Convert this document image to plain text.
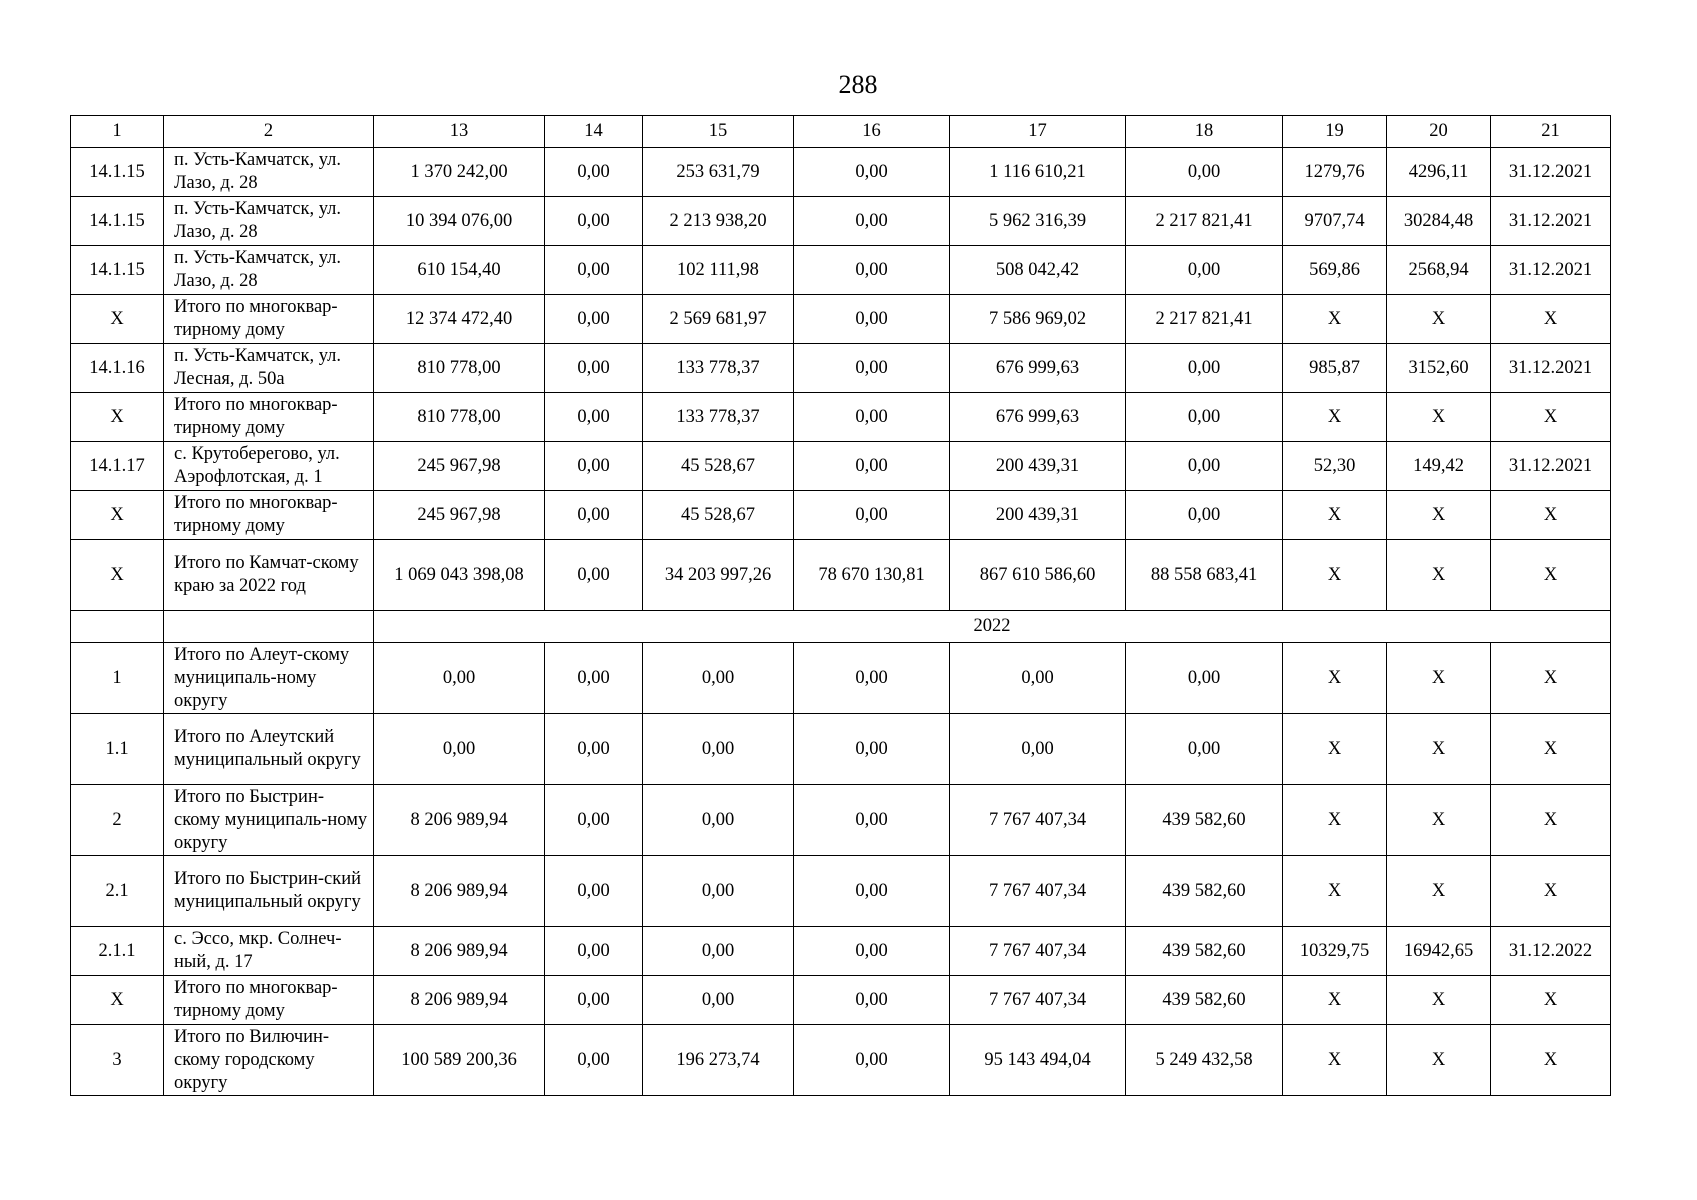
288
1	2	13	14	15	16	17	18	19	20	21
14.1.15	п. Усть-Камчатск, ул. Лазо, д. 28	1 370 242,00	0,00	253 631,79	0,00	1 116 610,21	0,00	1279,76	4296,11	31.12.2021
14.1.15	п. Усть-Камчатск, ул. Лазо, д. 28	10 394 076,00	0,00	2 213 938,20	0,00	5 962 316,39	2 217 821,41	9707,74	30284,48	31.12.2021
14.1.15	п. Усть-Камчатск, ул. Лазо, д. 28	610 154,40	0,00	102 111,98	0,00	508 042,42	0,00	569,86	2568,94	31.12.2021
Х	Итого по многоквар-тирному дому	12 374 472,40	0,00	2 569 681,97	0,00	7 586 969,02	2 217 821,41	Х	Х	Х
14.1.16	п. Усть-Камчатск, ул. Лесная, д. 50а	810 778,00	0,00	133 778,37	0,00	676 999,63	0,00	985,87	3152,60	31.12.2021
Х	Итого по многоквар-тирному дому	810 778,00	0,00	133 778,37	0,00	676 999,63	0,00	Х	Х	Х
14.1.17	с. Крутоберегово, ул. Аэрофлотская, д. 1	245 967,98	0,00	45 528,67	0,00	200 439,31	0,00	52,30	149,42	31.12.2021
Х	Итого по многоквар-тирному дому	245 967,98	0,00	45 528,67	0,00	200 439,31	0,00	Х	Х	Х
Х	Итого по Камчат-скому краю за 2022 год	1 069 043 398,08	0,00	34 203 997,26	78 670 130,81	867 610 586,60	88 558 683,41	Х	Х	Х
		2022								
1	Итого по Алеут-скому муниципаль-ному округу	0,00	0,00	0,00	0,00	0,00	0,00	Х	Х	Х
1.1	Итого по Алеутский муниципальный округу	0,00	0,00	0,00	0,00	0,00	0,00	Х	Х	Х
2	Итого по Быстрин-скому муниципаль-ному округу	8 206 989,94	0,00	0,00	0,00	7 767 407,34	439 582,60	Х	Х	Х
2.1	Итого по Быстрин-ский муниципальный округу	8 206 989,94	0,00	0,00	0,00	7 767 407,34	439 582,60	Х	Х	Х
2.1.1	с. Эссо, мкр. Солнеч-ный, д. 17	8 206 989,94	0,00	0,00	0,00	7 767 407,34	439 582,60	10329,75	16942,65	31.12.2022
Х	Итого по многоквар-тирному дому	8 206 989,94	0,00	0,00	0,00	7 767 407,34	439 582,60	Х	Х	Х
3	Итого по Вилючин-скому городскому округу	100 589 200,36	0,00	196 273,74	0,00	95 143 494,04	5 249 432,58	Х	Х	Х
